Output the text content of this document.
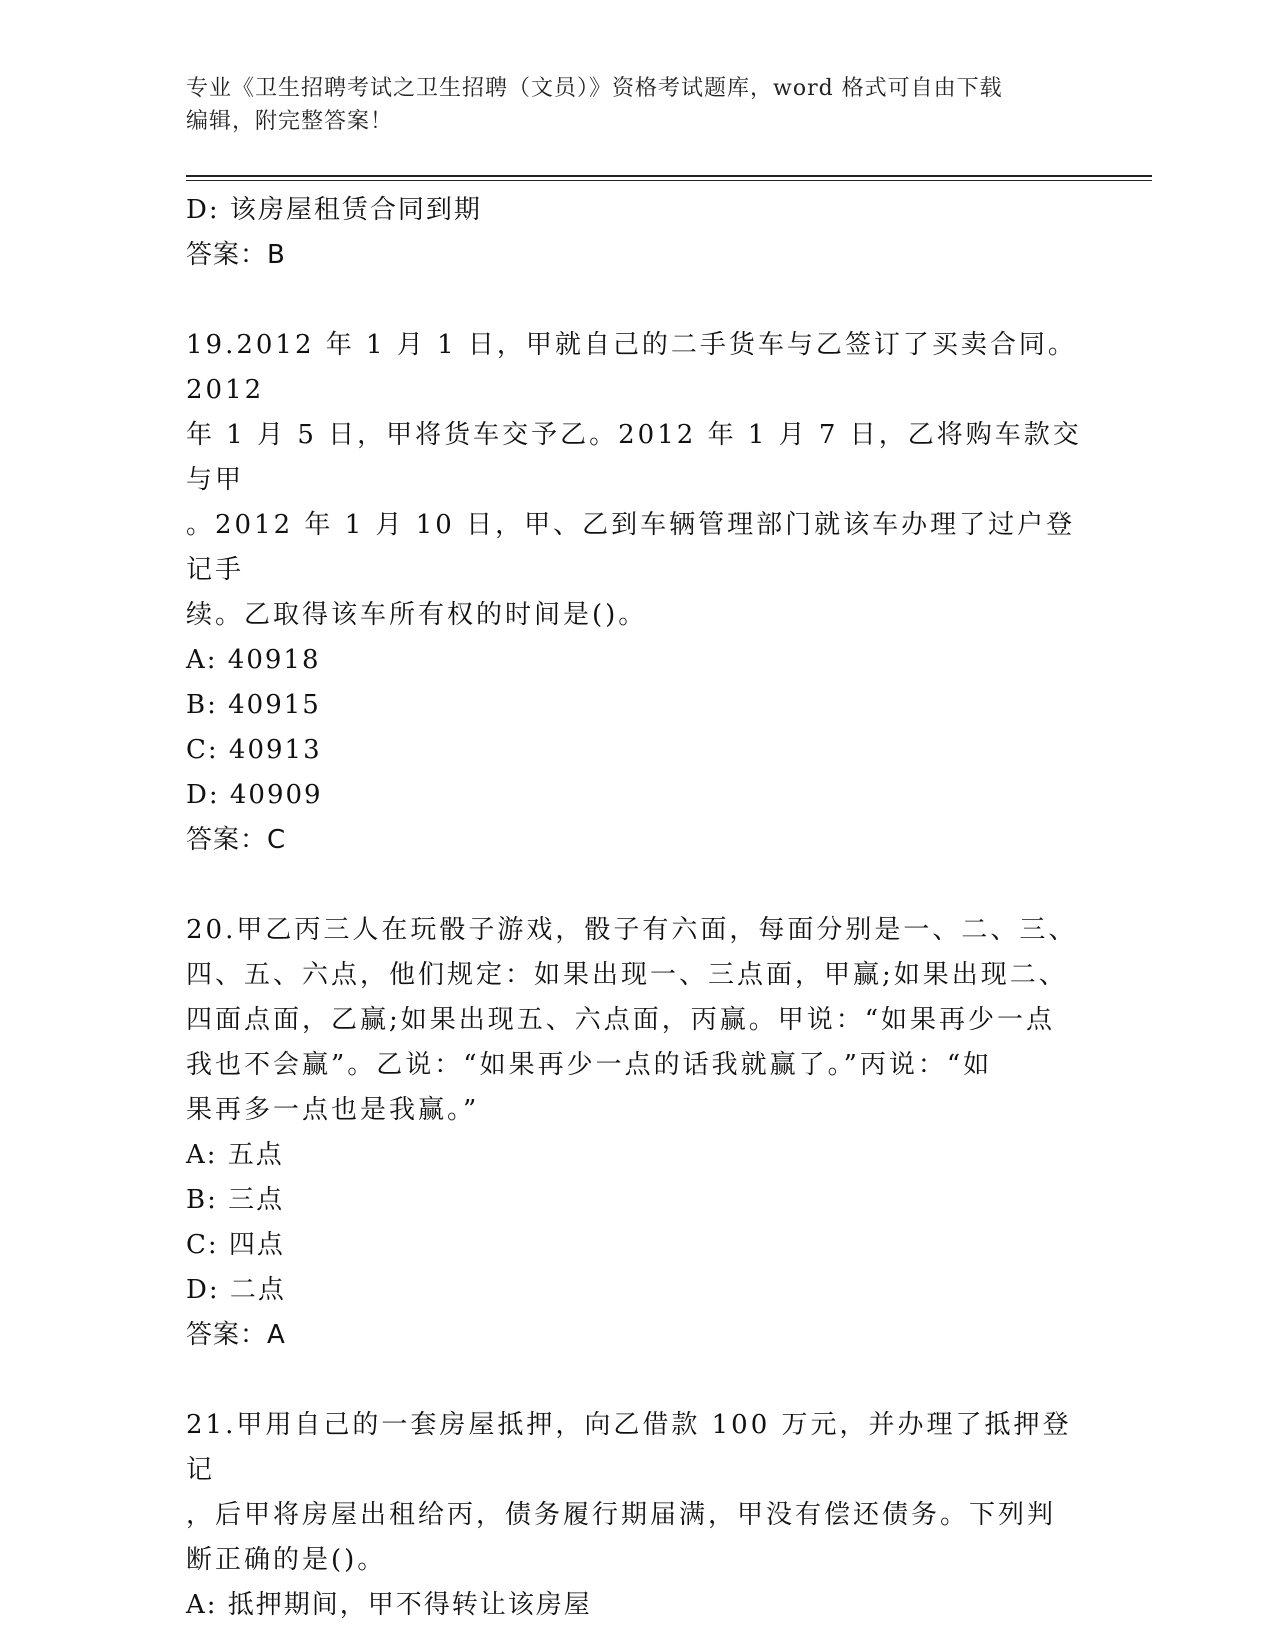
专业《卫生招聘考试之卫生招聘（文员）》资格考试题库，word 格式可自由下载
编辑，附完整答案！
D: 该房屋租赁合同到期
答案：B
19.2012 年 1 月 1 日，甲就自己的二手货车与乙签订了买卖合同。2012
年 1 月 5 日，甲将货车交予乙。2012 年 1 月 7 日，乙将购车款交与甲
。2012 年 1 月 10 日，甲、乙到车辆管理部门就该车办理了过户登记手
续。乙取得该车所有权的时间是()。
A: 40918
B: 40915
C: 40913
D: 40909
答案：C
20.甲乙丙三人在玩骰子游戏，骰子有六面，每面分别是一、二、三、
四、五、六点，他们规定：如果出现一、三点面，甲赢;如果出现二、
四面点面，乙赢;如果出现五、六点面，丙赢。甲说：“如果再少一点
我也不会赢”。乙说：“如果再少一点的话我就赢了。”丙说：“如
果再多一点也是我赢。”
A: 五点
B: 三点
C: 四点
D: 二点
答案：A
21.甲用自己的一套房屋抵押，向乙借款 100 万元，并办理了抵押登记
，后甲将房屋出租给丙，债务履行期届满，甲没有偿还债务。下列判
断正确的是()。
A: 抵押期间，甲不得转让该房屋
